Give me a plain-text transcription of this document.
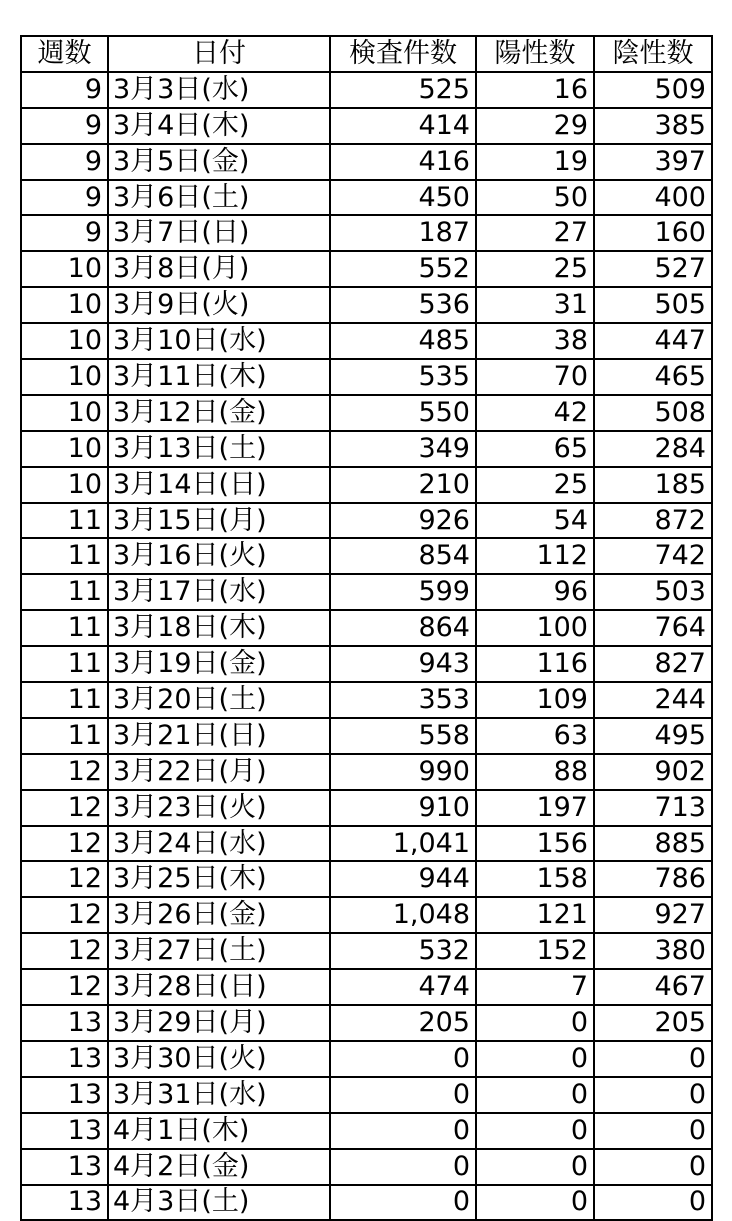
週数	日付	検査件数	陽性数	陰性数
9	3月3日(水)	525	16	509
9	3月4日(木)	414	29	385
9	3月5日(金)	416	19	397
9	3月6日(土)	450	50	400
9	3月7日(日)	187	27	160
10	3月8日(月)	552	25	527
10	3月9日(火)	536	31	505
10	3月10日(水)	485	38	447
10	3月11日(木)	535	70	465
10	3月12日(金)	550	42	508
10	3月13日(土)	349	65	284
10	3月14日(日)	210	25	185
11	3月15日(月)	926	54	872
11	3月16日(火)	854	112	742
11	3月17日(水)	599	96	503
11	3月18日(木)	864	100	764
11	3月19日(金)	943	116	827
11	3月20日(土)	353	109	244
11	3月21日(日)	558	63	495
12	3月22日(月)	990	88	902
12	3月23日(火)	910	197	713
12	3月24日(水)	1,041	156	885
12	3月25日(木)	944	158	786
12	3月26日(金)	1,048	121	927
12	3月27日(土)	532	152	380
12	3月28日(日)	474	7	467
13	3月29日(月)	205	0	205
13	3月30日(火)	0	0	0
13	3月31日(水)	0	0	0
13	4月1日(木)	0	0	0
13	4月2日(金)	0	0	0
13	4月3日(土)	0	0	0
